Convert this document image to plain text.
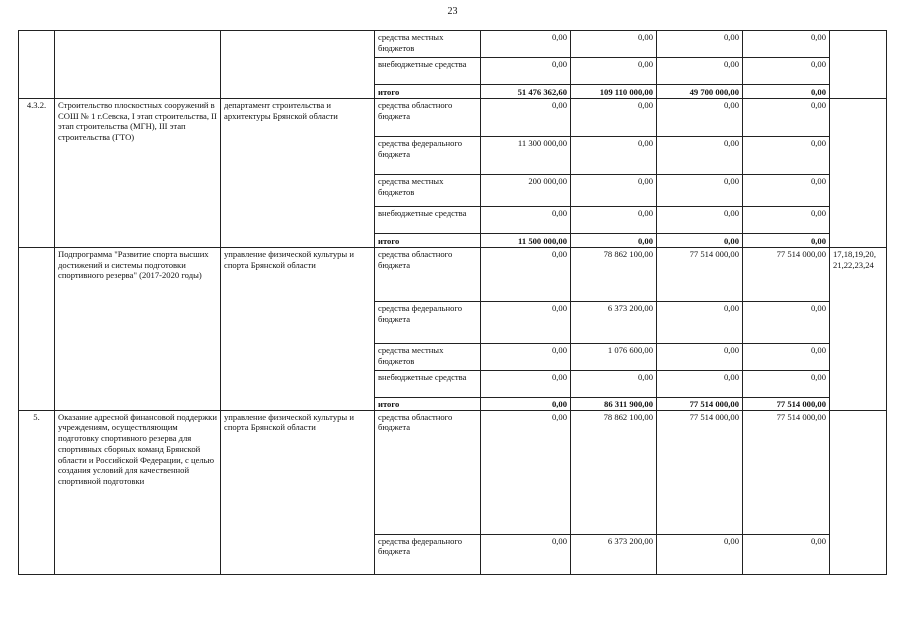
23
			средства местных бюджетов	0,00	0,00	0,00	0,00	
			внебюджетные средства	0,00	0,00	0,00	0,00	
			итого	51 476 362,60	109 110 000,00	49 700 000,00	0,00	
4.3.2.	Строительство плоскостных сооружений в СОШ № 1 г.Севска, I этап строительства, II этап строительства (МГН), III этап строительства (ГТО)	департамент строительства и архитектуры Брянской области	средства областного бюджета	0,00	0,00	0,00	0,00	
			средства федерального бюджета	11 300 000,00	0,00	0,00	0,00	
			средства местных бюджетов	200 000,00	0,00	0,00	0,00	
			внебюджетные средства	0,00	0,00	0,00	0,00	
			итого	11 500 000,00	0,00	0,00	0,00	
	Подпрограмма "Развитие спорта высших достижений и системы подготовки спортивного резерва" (2017-2020 годы)	управление физической культуры и спорта Брянской области	средства областного бюджета	0,00	78 862 100,00	77 514 000,00	77 514 000,00	17,18,19,20, 21,22,23,24
			средства федерального бюджета	0,00	6 373 200,00	0,00	0,00	
			средства местных бюджетов	0,00	1 076 600,00	0,00	0,00	
			внебюджетные средства	0,00	0,00	0,00	0,00	
			итого	0,00	86 311 900,00	77 514 000,00	77 514 000,00	
5.	Оказание адресной финансовой поддержки учреждениям, осуществляющим подготовку спортивного резерва для спортивных сборных команд Брянской области и Российской Федерации, с целью создания условий для качественной спортивной подготовки	управление физической культуры и спорта Брянской области	средства областного бюджета	0,00	78 862 100,00	77 514 000,00	77 514 000,00	
			средства федерального бюджета	0,00	6 373 200,00	0,00	0,00	
